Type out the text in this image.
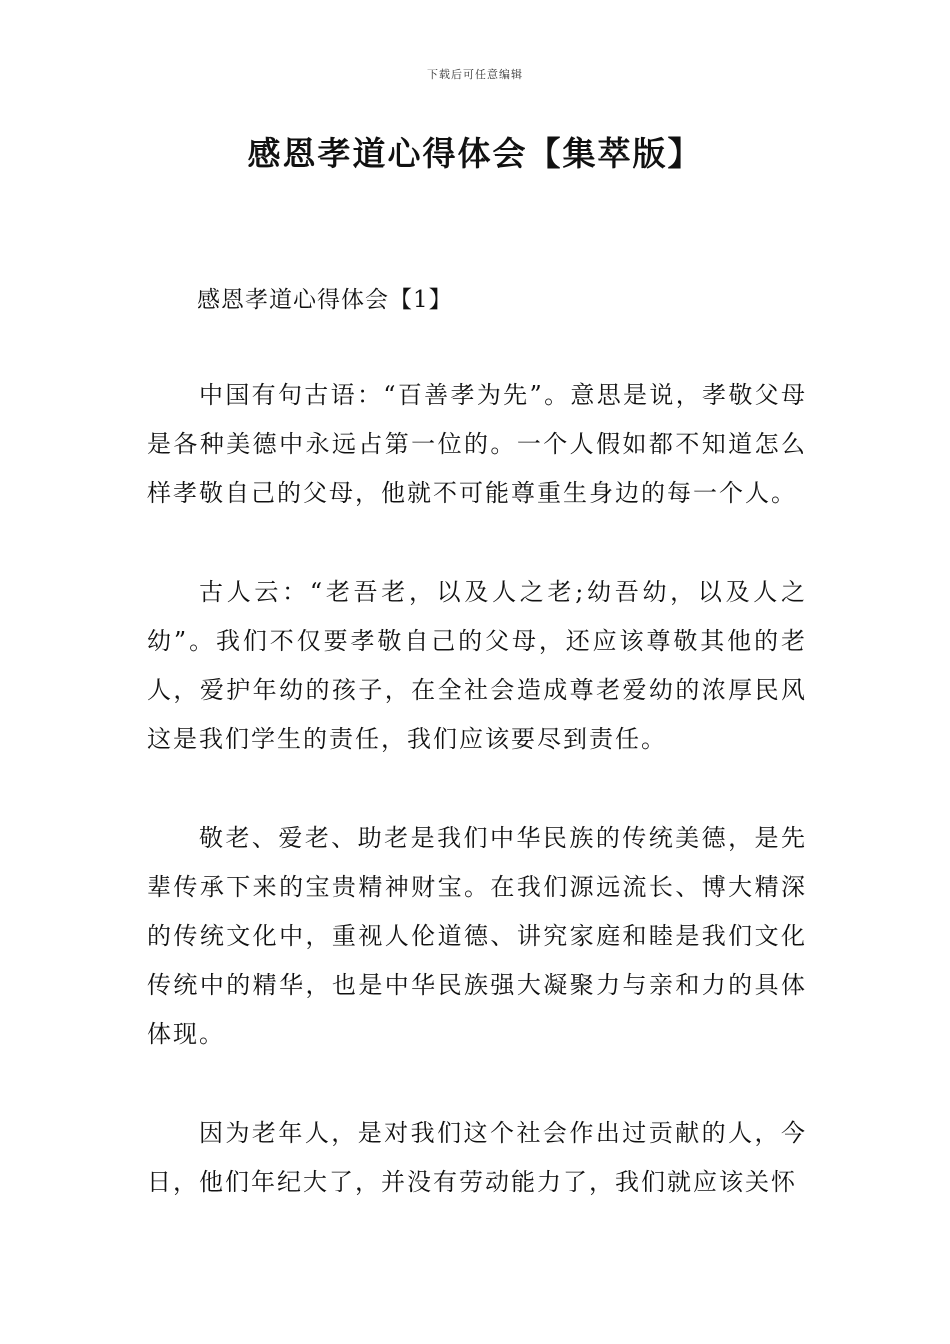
下载后可任意编辑
感恩孝道心得体会【集萃版】

感恩孝道心得体会【1】

中国有句古语：“百善孝为先”。意思是说，孝敬父母是各种美德中永远占第一位的。一个人假如都不知道怎么样孝敬自己的父母，他就不可能尊重生身边的每一个人。

古人云：“老吾老，以及人之老;幼吾幼，以及人之幼”。我们不仅要孝敬自己的父母，还应该尊敬其他的老人，爱护年幼的孩子，在全社会造成尊老爱幼的浓厚民风这是我们学生的责任，我们应该要尽到责任。

敬老、爱老、助老是我们中华民族的传统美德，是先辈传承下来的宝贵精神财宝。在我们源远流长、博大精深的传统文化中，重视人伦道德、讲究家庭和睦是我们文化传统中的精华，也是中华民族强大凝聚力与亲和力的具体体现。

因为老年人，是对我们这个社会作出过贡献的人，今日，他们年纪大了，并没有劳动能力了，我们就应该关怀
